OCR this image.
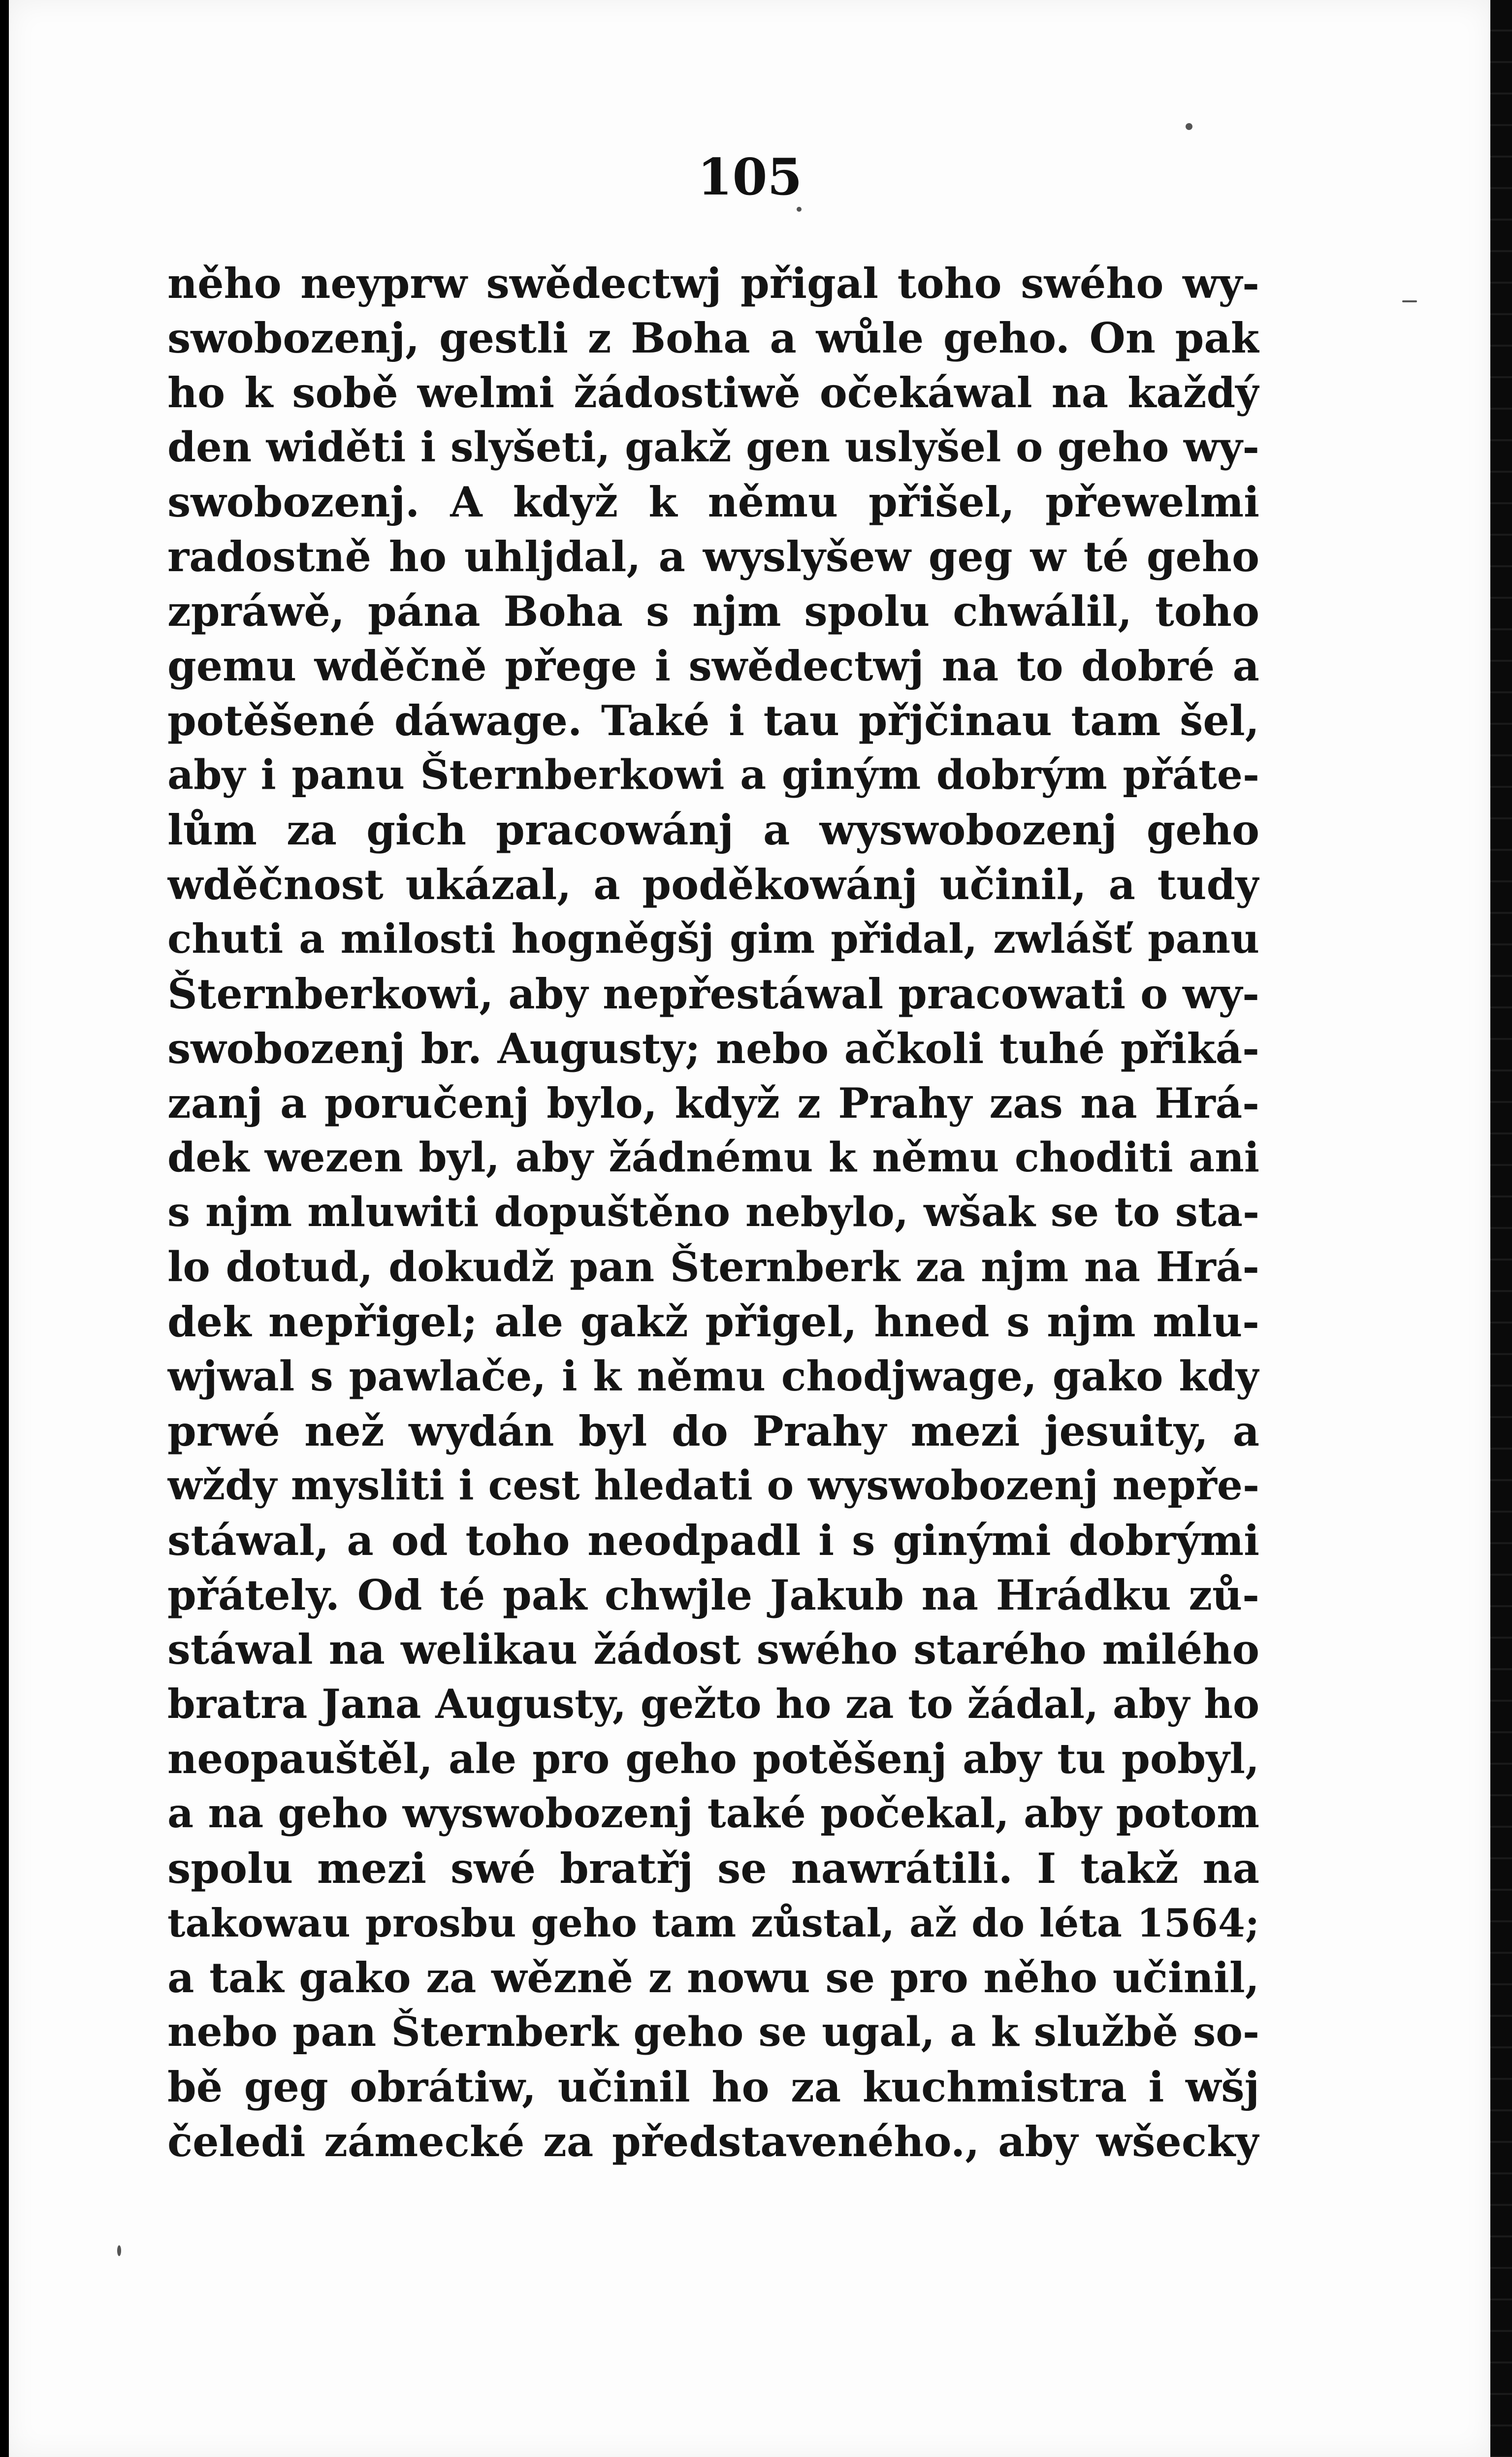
105
něho neyprw swědectwj přigal toho swého wy-
swobozenj, gestli z Boha a wůle geho. On pak
ho k sobě welmi žádostiwě očekáwal na každý
den widěti i slyšeti, gakž gen uslyšel o geho wy-
swobozenj. A když k němu přišel, přewelmi
radostně ho uhljdal, a wyslyšew geg w té geho
zpráwě, pána Boha s njm spolu chwálil, toho
gemu wděčně přege i swědectwj na to dobré a
potěšené dáwage. Také i tau přjčinau tam šel,
aby i panu Šternberkowi a giným dobrým přáte-
lům za gich pracowánj a wyswobozenj geho
wděčnost ukázal, a poděkowánj učinil, a tudy
chuti a milosti hogněgšj gim přidal, zwlášť panu
Šternberkowi, aby nepřestáwal pracowati o wy-
swobozenj br. Augusty; nebo ačkoli tuhé přiká-
zanj a poručenj bylo, když z Prahy zas na Hrá-
dek wezen byl, aby žádnému k němu choditi ani
s njm mluwiti dopuštěno nebylo, wšak se to sta-
lo dotud, dokudž pan Šternberk za njm na Hrá-
dek nepřigel; ale gakž přigel, hned s njm mlu-
wjwal s pawlače, i k němu chodjwage, gako kdy
prwé než wydán byl do Prahy mezi jesuity, a
wždy mysliti i cest hledati o wyswobozenj nepře-
stáwal, a od toho neodpadl i s ginými dobrými
přátely. Od té pak chwjle Jakub na Hrádku zů-
stáwal na welikau žádost swého starého milého
bratra Jana Augusty, gežto ho za to žádal, aby ho
neopauštěl, ale pro geho potěšenj aby tu pobyl,
a na geho wyswobozenj také počekal, aby potom
spolu mezi swé bratřj se nawrátili. I takž na
takowau prosbu geho tam zůstal, až do léta 1564;
a tak gako za wězně z nowu se pro něho učinil,
nebo pan Šternberk geho se ugal, a k službě so-
bě geg obrátiw, učinil ho za kuchmistra i wšj
čeledi zámecké za představeného., aby wšecky
